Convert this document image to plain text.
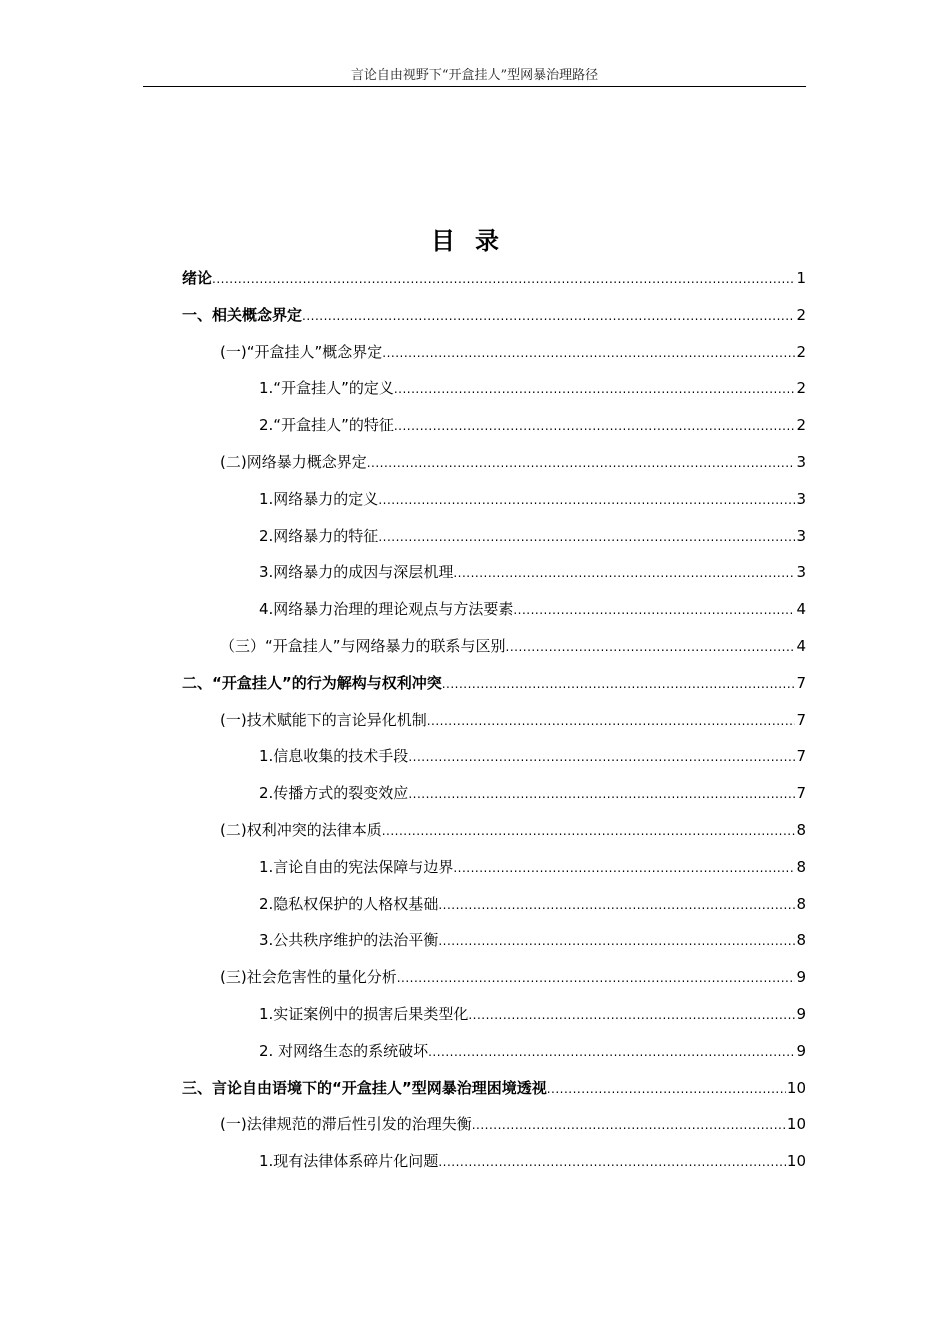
言论自由视野下“开盒挂人”型网暴治理路径
目录
绪论 .....	1
一、相关概念界定 .....	2
(一)“开盒挂人”概念界定 .....	2
1.“开盒挂人”的定义 .....	2
2.“开盒挂人”的特征 .....	2
(二)网络暴力概念界定 .....	3
1.网络暴力的定义 .....	3
2.网络暴力的特征 .....	3
3.网络暴力的成因与深层机理 .....	3
4.网络暴力治理的理论观点与方法要素 .....	4
（三）“开盒挂人”与网络暴力的联系与区别 .....	4
二、“开盒挂人”的行为解构与权利冲突 .....	7
(一)技术赋能下的言论异化机制 .....	7
1.信息收集的技术手段 .....	7
2.传播方式的裂变效应 .....	7
(二)权利冲突的法律本质 .....	8
1.言论自由的宪法保障与边界 .....	8
2.隐私权保护的人格权基础 .....	8
3.公共秩序维护的法治平衡 .....	8
(三)社会危害性的量化分析 .....	9
1.实证案例中的损害后果类型化 .....	9
2. 对网络生态的系统破坏 .....	9
三、言论自由语境下的“开盒挂人”型网暴治理困境透视 .....	10
(一)法律规范的滞后性引发的治理失衡 .....	10
1.现有法律体系碎片化问题 .....	10
